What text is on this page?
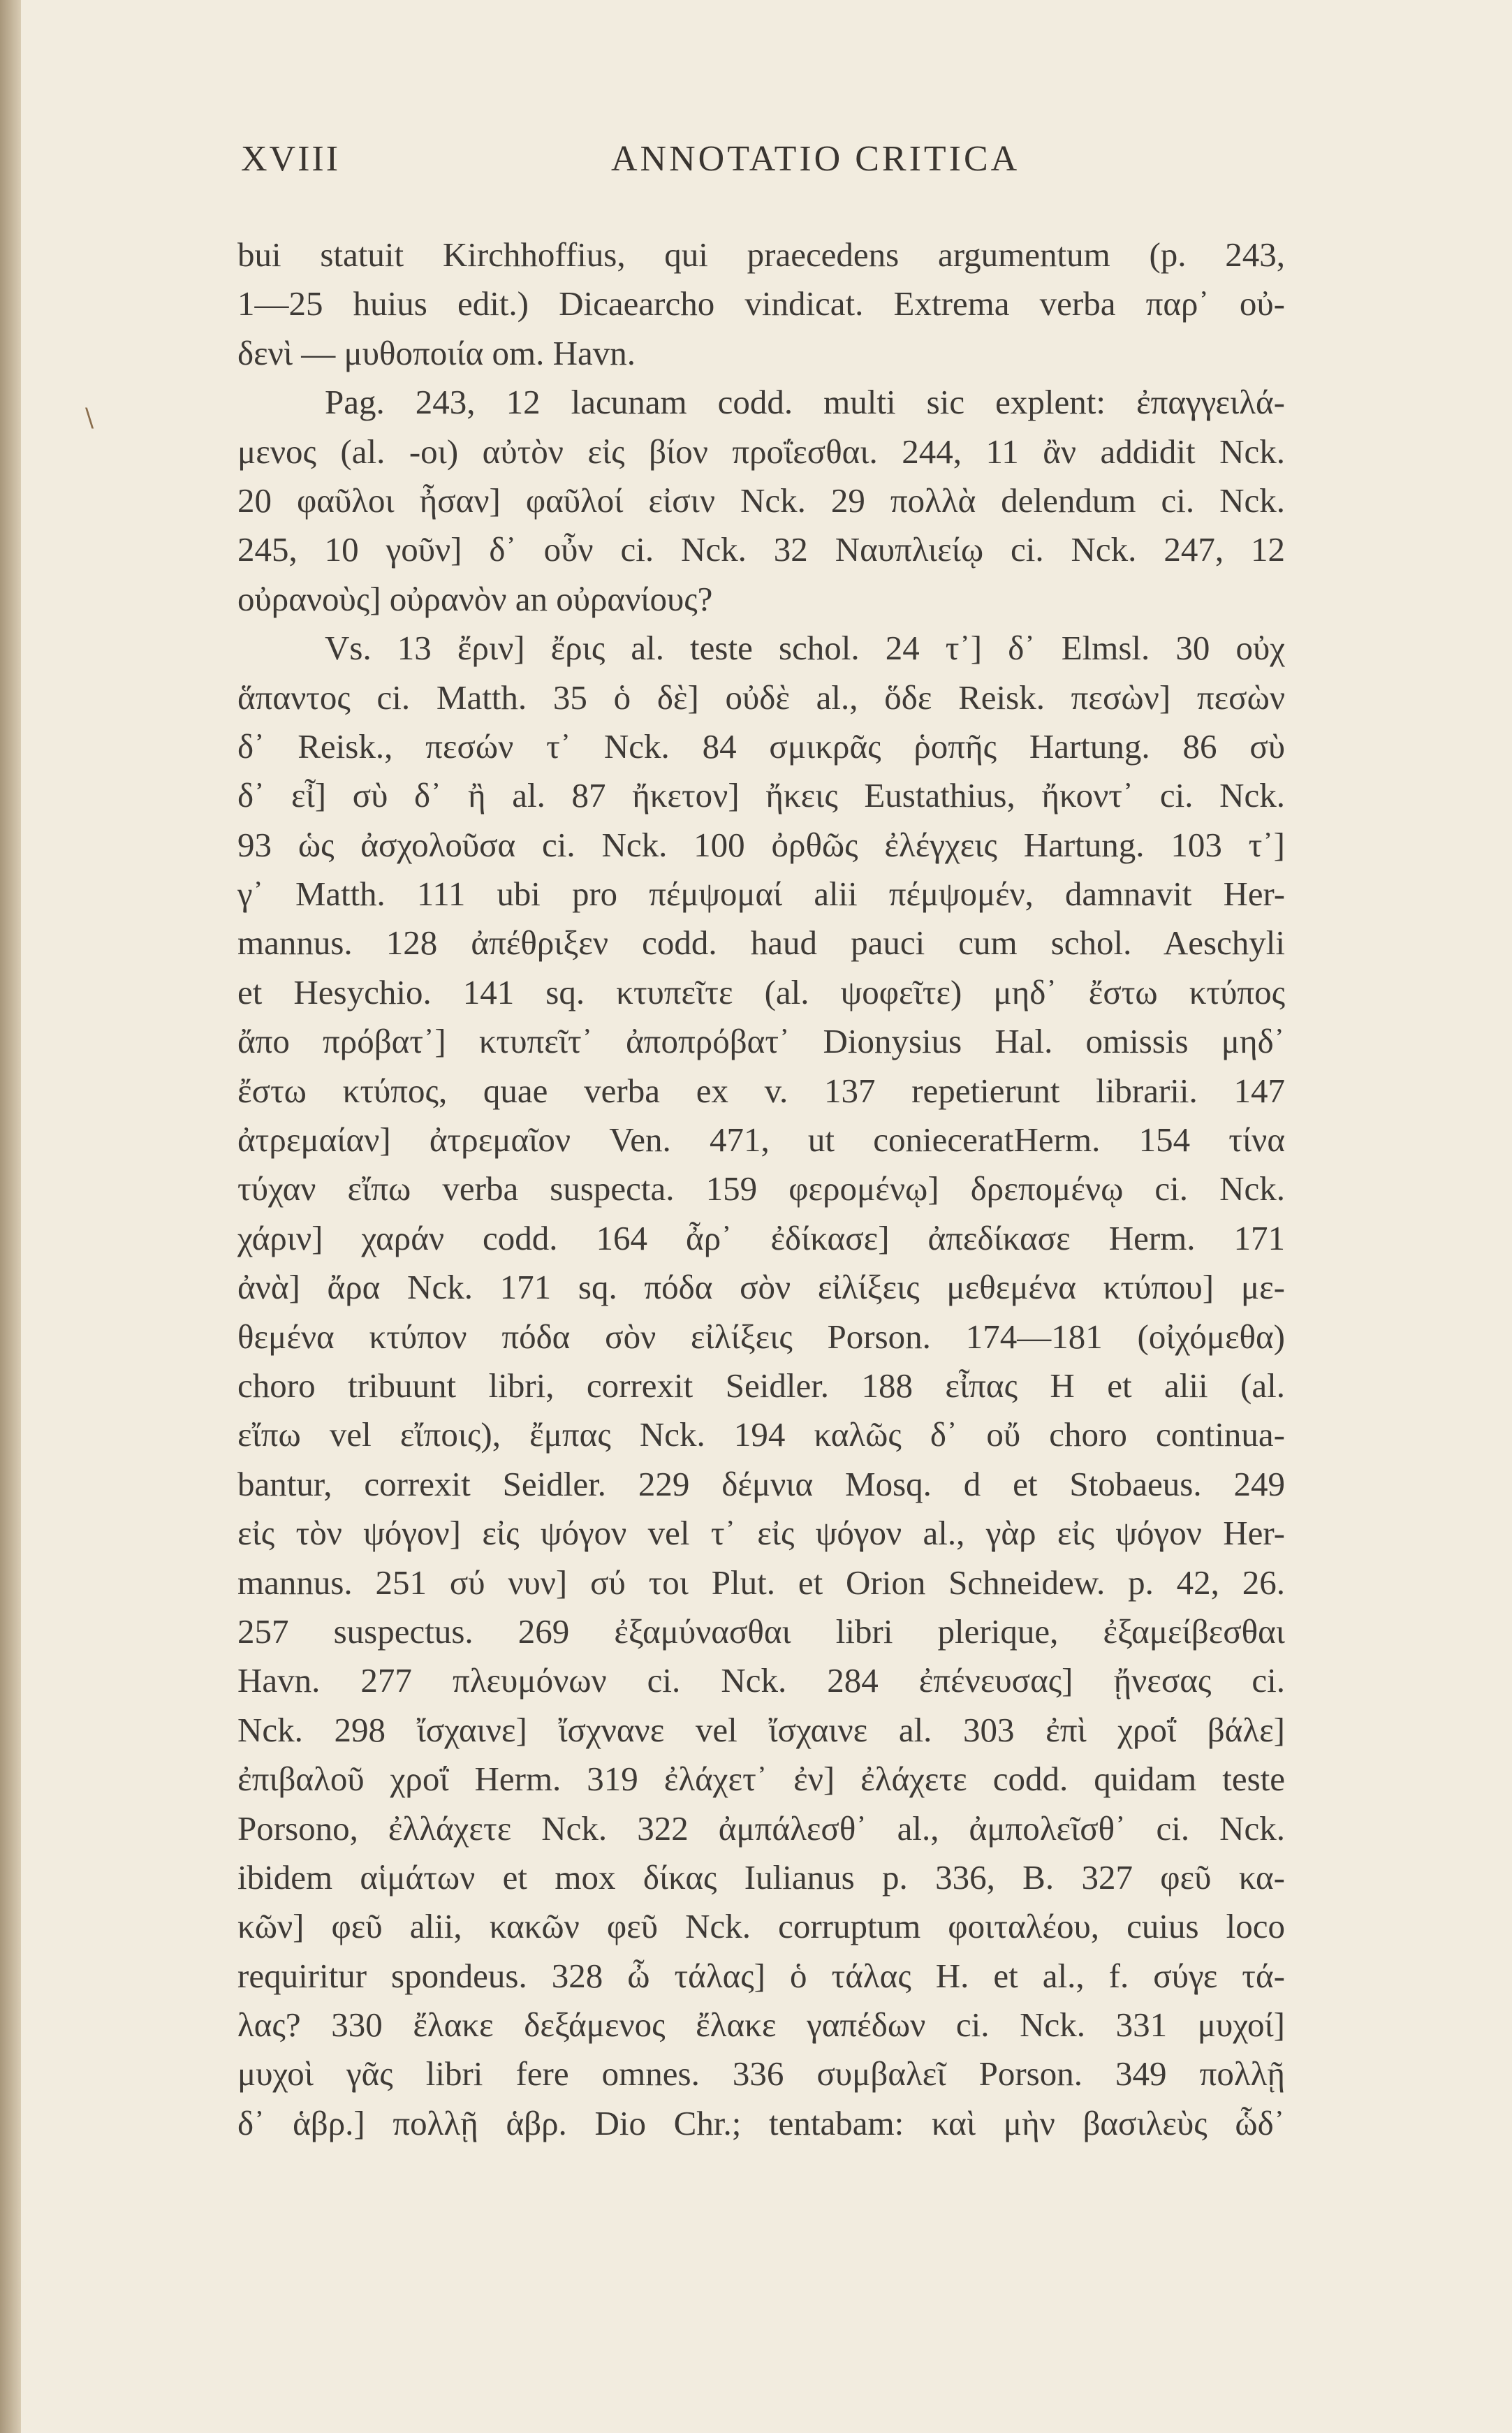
XVIII	ANNOTATIO CRITICA
\
bui statuit Kirchhoffius, qui praecedens argumentum (p. 243,
1—25 huius edit.) Dicaearcho vindicat. Extrema verba παρ᾽ οὐ-
δενὶ — μυθοποιία om. Havn.
Pag. 243, 12 lacunam codd. multi sic explent: ἐπαγγειλά-
μενος (al. -οι) αὐτὸν εἰς βίον προΐεσθαι. 244, 11 ἂν addidit Nck.
20 φαῦλοι ἦσαν] φαῦλοί εἰσιν Nck. 29 πολλὰ delendum ci. Nck.
245, 10 γοῦν] δ᾽ οὖν ci. Nck. 32 Ναυπλιείῳ ci. Nck. 247, 12
οὐρανοὺς] οὐρανὸν an οὐρανίους?
Vs. 13 ἔριν] ἔρις al. teste schol. 24 τ᾽] δ᾽ Elmsl. 30 οὐχ
ἅπαντος ci. Matth. 35 ὁ δὲ] οὐδὲ al., ὅδε Reisk. πεσὼν] πεσὼν
δ᾽ Reisk., πεσών τ᾽ Nck. 84 σμικρᾶς ῥοπῆς Hartung. 86 σὺ
δ᾽ εἶ] σὺ δ᾽ ἢ al. 87 ἤκετον] ἤκεις Eustathius, ἤκοντ᾽ ci. Nck.
93 ὡς ἀσχολοῦσα ci. Nck. 100 ὀρθῶς ἐλέγχεις Hartung. 103 τ᾽]
γ᾽ Matth. 111 ubi pro πέμψομαί alii πέμψομέν, damnavit Her-
mannus. 128 ἀπέθριξεν codd. haud pauci cum schol. Aeschyli
et Hesychio. 141 sq. κτυπεῖτε (al. ψοφεῖτε) μηδ᾽ ἔστω κτύπος
ἄπο πρόβατ᾽] κτυπεῖτ᾽ ἀποπρόβατ᾽ Dionysius Hal. omissis μηδ᾽
ἔστω κτύπος, quae verba ex v. 137 repetierunt librarii. 147
ἀτρεμαίαν] ἀτρεμαῖον Ven. 471, ut conieceratHerm. 154 τίνα
τύχαν εἴπω verba suspecta. 159 φερομένῳ] δρεπομένῳ ci. Nck.
χάριν] χαράν codd. 164 ἆρ᾽ ἐδίκασε] ἀπεδίκασε Herm. 171
ἀνὰ] ἄρα Nck. 171 sq. πόδα σὸν εἰλίξεις μεθεμένα κτύπου] με-
θεμένα κτύπον πόδα σὸν εἰλίξεις Porson. 174—181 (οἰχόμεθα)
choro tribuunt libri, correxit Seidler. 188 εἶπας H et alii (al.
εἴπω vel εἴποις), ἔμπας Nck. 194 καλῶς δ᾽ οὔ choro continua-
bantur, correxit Seidler. 229 δέμνια Mosq. d et Stobaeus. 249
εἰς τὸν ψόγον] εἰς ψόγον vel τ᾽ εἰς ψόγον al., γὰρ εἰς ψόγον Her-
mannus. 251 σύ νυν] σύ τοι Plut. et Orion Schneidew. p. 42, 26.
257 suspectus. 269 ἐξαμύνασθαι libri plerique, ἐξαμείβεσθαι
Havn. 277 πλευμόνων ci. Nck. 284 ἐπένευσας] ᾔνεσας ci.
Nck. 298 ἴσχαινε] ἴσχνανε vel ἴσχαινε al. 303 ἐπὶ χροΐ βάλε]
ἐπιβαλοῦ χροΐ Herm. 319 ἐλάχετ᾽ ἐν] ἐλάχετε codd. quidam teste
Porsono, ἐλλάχετε Nck. 322 ἀμπάλεσθ᾽ al., ἀμπολεῖσθ᾽ ci. Nck.
ibidem αἱμάτων et mox δίκας Iulianus p. 336, B. 327 φεῦ κα-
κῶν] φεῦ alii, κακῶν φεῦ Nck. corruptum φοιταλέου, cuius loco
requiritur spondeus. 328 ὦ τάλας] ὁ τάλας H. et al., f. σύγε τά-
λας? 330 ἔλακε δεξάμενος ἔλακε γαπέδων ci. Nck. 331 μυχοί]
μυχοὶ γᾶς libri fere omnes. 336 συμβαλεῖ Porson. 349 πολλῇ
δ᾽ ἁβρ.] πολλῇ ἁβρ. Dio Chr.; tentabam: καὶ μὴν βασιλεὺς ὧδ᾽
